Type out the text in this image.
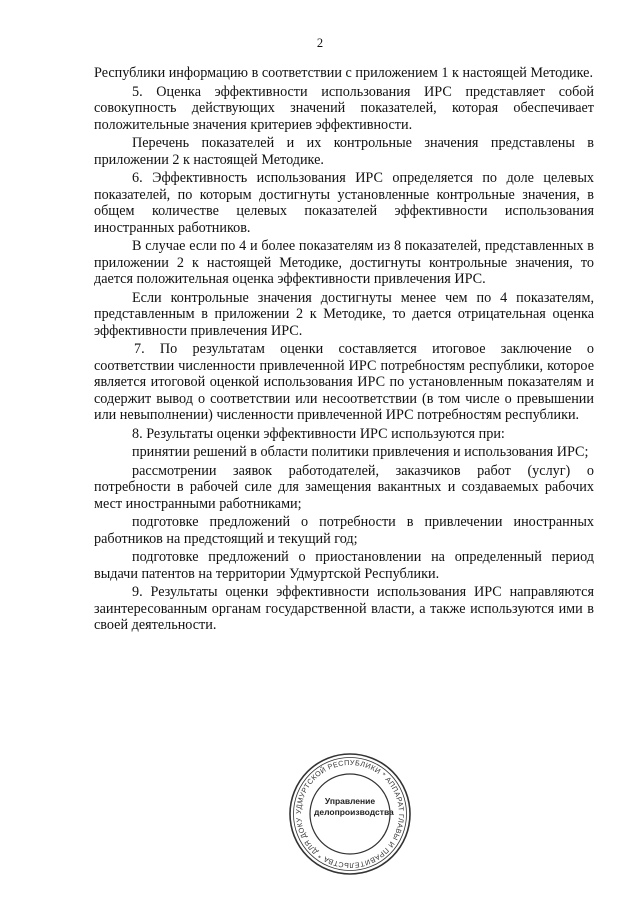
2

Республики информацию в соответствии с приложением 1 к настоящей Методике.

5. Оценка эффективности использования ИРС представляет собой совокупность действующих значений показателей, которая обеспечивает положительные значения критериев эффективности.

Перечень показателей и их контрольные значения представлены в приложении 2 к настоящей Методике.

6. Эффективность использования ИРС определяется по доле целевых показателей, по которым достигнуты установленные контрольные значения, в общем количестве целевых показателей эффективности использования иностранных работников.

В случае если по 4 и более показателям из 8 показателей, представленных в приложении 2 к настоящей Методике, достигнуты контрольные значения, то дается положительная оценка эффективности привлечения ИРС.

Если контрольные значения достигнуты менее чем по 4 показателям, представленным в приложении 2 к Методике, то дается отрицательная оценка эффективности привлечения ИРС.

7. По результатам оценки составляется итоговое заключение о соответствии численности привлеченной ИРС потребностям республики, которое является итоговой оценкой использования ИРС по установленным показателям и содержит вывод о соответствии или несоответствии (в том числе о превышении или невыполнении) численности привлеченной ИРС потребностям республики.

8. Результаты оценки эффективности ИРС используются при:

принятии решений в области политики привлечения и использования ИРС;

рассмотрении заявок работодателей, заказчиков работ (услуг) о потребности в рабочей силе для замещения вакантных и создаваемых рабочих мест иностранными работниками;

подготовке предложений о потребности в привлечении иностранных работников на предстоящий и текущий год;

подготовке предложений о приостановлении на определенный период выдачи патентов на территории Удмуртской Республики.

9. Результаты оценки эффективности использования ИРС направляются заинтересованным органам государственной власти, а также используются ими в своей деятельности.

УДМУРТСКОЙ РЕСПУБЛИКИ * АППАРАТ ГЛАВЫ И ПРАВИТЕЛЬСТВА * ДЛЯ ДОКУ
Управление
делопроизводства
